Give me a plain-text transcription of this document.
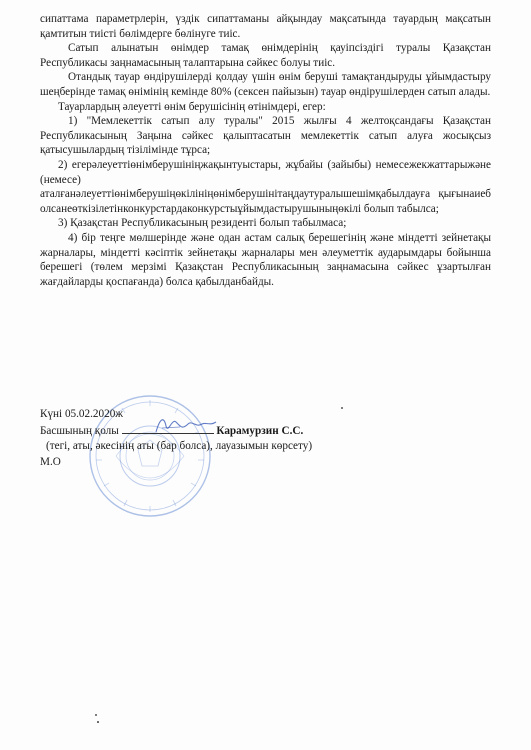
сипаттама параметрлерін, үздік сипаттаманы айқындау мақсатында тауардың мақсатын қамтитын тиісті бөлімдерге бөлінуге тиіс.

Сатып алынатын өнімдер тамақ өнімдерінің қауіпсіздігі туралы Қазақстан Республикасы заңнамасының талаптарына сәйкес болуы тиіс.

Отандық тауар өндірушілерді қолдау үшін өнім беруші тамақтандыруды ұйымдастыру шеңберінде тамақ өнімінің кемінде 80% (сексен пайызын) тауар өндірушілерден сатып алады.

Тауарлардың әлеуетті өнім берушісінің өтінімдері, егер:

1) "Мемлекеттік сатып алу туралы" 2015 жылғы 4 желтоқсандағы Қазақстан Республикасының Заңына сәйкес қалыптасатын мемлекеттік сатып алуға жосықсыз қатысушылардың тізілімінде тұрса;

2) егерәлеуеттіөнімберушініңжақынтуыстары, жұбайы (зайыбы) немесежекжаттарыжәне (немесе)

аталғанәлеуеттіөнімберушіңөкілініңөнімберушінітаңдаутуралышешімқабылдауға қығынаиеболсанеөткізілетінконкурстардаконкурстыұйымдастырушыныңөкілі болып табылса;

3) Қазақстан Республикасының резиденті болып табылмаса;

4) бір теңге мөлшерінде және одан астам салық берешегінің және міндетті зейнетақы жарналары, міндетті кәсіптік зейнетақы жарналары мен әлеуметтік аударымдары бойынша берешегі (төлем мерзімі Қазақстан Республикасының заңнамасына сәйкес ұзартылған жағдайларды қоспағанда) болса қабылданбайды.

Күні 05.02.2020ж
Басшының қолы	Карамурзин С.С.
(тегі, аты, әкесінің аты (бар болса), лауазымын көрсету)
М.О
